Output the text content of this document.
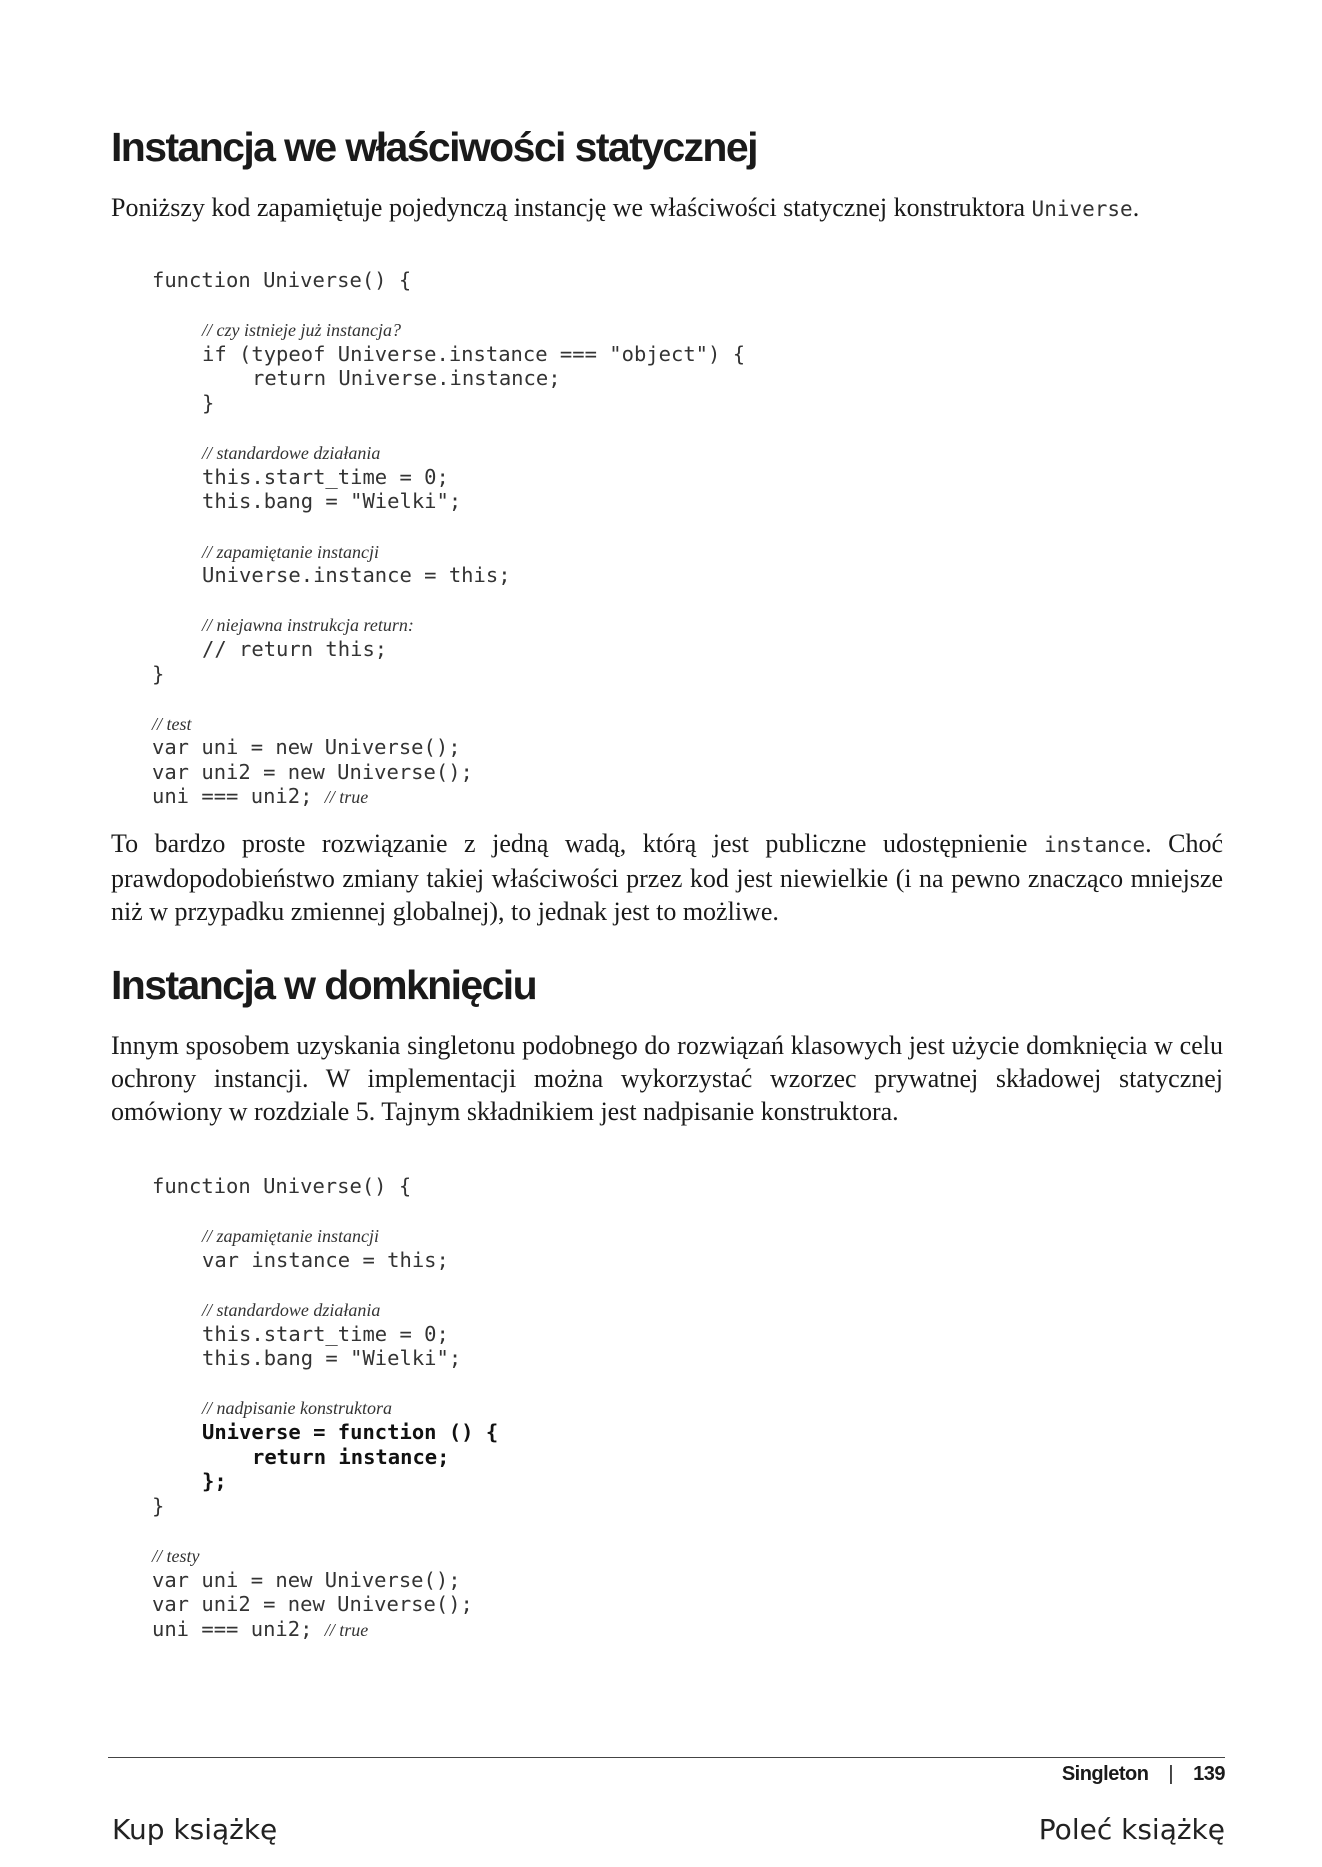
Instancja we właściwości statycznej

Poniższy kod zapamiętuje pojedynczą instancję we właściwości statycznej konstruktora Universe.

function Universe() {
// czy istnieje już instancja?
if (typeof Universe.instance === "object") {
return Universe.instance;
}
// standardowe działania
this.start_time = 0;
this.bang = "Wielki";
// zapamiętanie instancji
Universe.instance = this;
// niejawna instrukcja return:
// return this;
}
// test
var uni = new Universe();
var uni2 = new Universe();
uni === uni2; // true

To bardzo proste rozwiązanie z jedną wadą, którą jest publiczne udostępnienie instance. Choć prawdopodobieństwo zmiany takiej właściwości przez kod jest niewielkie (i na pewno znacząco mniejsze niż w przypadku zmiennej globalnej), to jednak jest to możliwe.

Instancja w domknięciu

Innym sposobem uzyskania singletonu podobnego do rozwiązań klasowych jest użycie domknięcia w celu ochrony instancji. W implementacji można wykorzystać wzorzec prywatnej składowej statycznej omówiony w rozdziale 5. Tajnym składnikiem jest nadpisanie konstruktora.

function Universe() {
// zapamiętanie instancji
var instance = this;
// standardowe działania
this.start_time = 0;
this.bang = "Wielki";
// nadpisanie konstruktora
Universe = function () {
return instance;
};
}
// testy
var uni = new Universe();
var uni2 = new Universe();
uni === uni2; // true
Singleton | 139
Kup książkę	Poleć książkę
